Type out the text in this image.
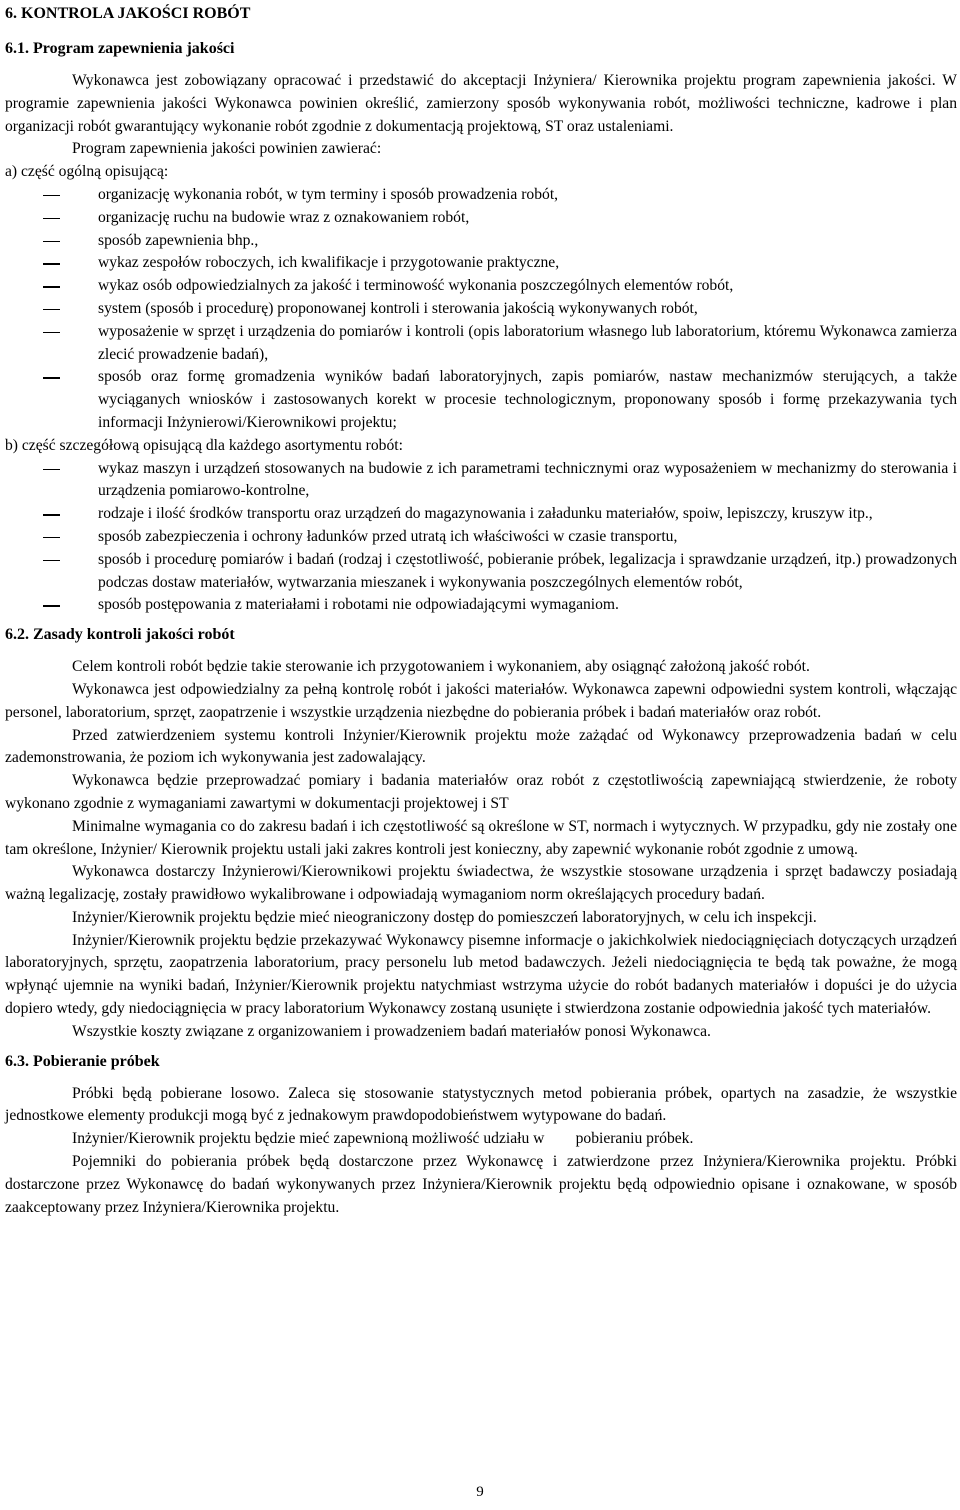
6. KONTROLA JAKOŚCI ROBÓT
6.1. Program zapewnienia jakości

Wykonawca jest zobowiązany opracować i przedstawić do akceptacji Inżyniera/ Kierownika projektu program zapewnienia jakości. W programie zapewnienia jakości Wykonawca powinien określić, zamierzony sposób wykonywania robót, możliwości techniczne, kadrowe i plan organizacji robót gwarantujący wykonanie robót zgodnie z dokumentacją projektową, ST oraz ustaleniami.

Program zapewnienia jakości powinien zawierać:

a) część ogólną opisującą:

organizację wykonania robót, w tym terminy i sposób prowadzenia robót,
organizację ruchu na budowie wraz z oznakowaniem robót,
sposób zapewnienia bhp.,
wykaz zespołów roboczych, ich kwalifikacje i przygotowanie praktyczne,
wykaz osób odpowiedzialnych za jakość i terminowość wykonania poszczególnych elementów robót,
system (sposób i procedurę) proponowanej kontroli i sterowania jakością wykonywanych robót,
wyposażenie w sprzęt i urządzenia do pomiarów i kontroli (opis laboratorium własnego lub laboratorium, któremu Wykonawca zamierza zlecić prowadzenie badań),
sposób oraz formę gromadzenia wyników badań laboratoryjnych, zapis pomiarów, nastaw mechanizmów sterujących, a także wyciąganych wniosków i zastosowanych korekt w procesie technologicznym, proponowany sposób i formę przekazywania tych informacji Inżynierowi/Kierownikowi projektu;

b) część szczegółową opisującą dla każdego asortymentu robót:

wykaz maszyn i urządzeń stosowanych na budowie z ich parametrami technicznymi oraz wyposażeniem w mechanizmy do sterowania i urządzenia pomiarowo-kontrolne,
rodzaje i ilość środków transportu oraz urządzeń do magazynowania i załadunku materiałów, spoiw, lepiszczy, kruszyw itp.,
sposób zabezpieczenia i ochrony ładunków przed utratą ich właściwości w czasie transportu,
sposób i procedurę pomiarów i badań (rodzaj i częstotliwość, pobieranie próbek, legalizacja i sprawdzanie urządzeń, itp.) prowadzonych podczas dostaw materiałów, wytwarzania mieszanek i wykonywania poszczególnych elementów robót,
sposób postępowania z materiałami i robotami nie odpowiadającymi wymaganiom.
6.2. Zasady kontroli jakości robót

Celem kontroli robót będzie takie sterowanie ich przygotowaniem i wykonaniem, aby osiągnąć założoną jakość robót.

Wykonawca jest odpowiedzialny za pełną kontrolę robót i jakości materiałów. Wykonawca zapewni odpowiedni system kontroli, włączając personel, laboratorium, sprzęt, zaopatrzenie i wszystkie urządzenia niezbędne do pobierania próbek i badań materiałów oraz robót.

Przed zatwierdzeniem systemu kontroli Inżynier/Kierownik projektu może zażądać od Wykonawcy przeprowadzenia badań w celu zademonstrowania, że poziom ich wykonywania jest zadowalający.

Wykonawca będzie przeprowadzać pomiary i badania materiałów oraz robót z częstotliwością zapewniającą stwierdzenie, że roboty wykonano zgodnie z wymaganiami zawartymi w dokumentacji projektowej i ST

Minimalne wymagania co do zakresu badań i ich częstotliwość są określone w ST, normach i wytycznych. W przypadku, gdy nie zostały one tam określone, Inżynier/ Kierownik projektu ustali jaki zakres kontroli jest konieczny, aby zapewnić wykonanie robót zgodnie z umową.

Wykonawca dostarczy Inżynierowi/Kierownikowi projektu świadectwa, że wszystkie stosowane urządzenia i sprzęt badawczy posiadają ważną legalizację, zostały prawidłowo wykalibrowane i odpowiadają wymaganiom norm określających procedury badań.

Inżynier/Kierownik projektu będzie mieć nieograniczony dostęp do pomieszczeń laboratoryjnych, w celu ich inspekcji.

Inżynier/Kierownik projektu będzie przekazywać Wykonawcy pisemne informacje o jakichkolwiek niedociągnięciach dotyczących urządzeń laboratoryjnych, sprzętu, zaopatrzenia laboratorium, pracy personelu lub metod badawczych. Jeżeli niedociągnięcia te będą tak poważne, że mogą wpłynąć ujemnie na wyniki badań, Inżynier/Kierownik projektu natychmiast wstrzyma użycie do robót badanych materiałów i dopuści je do użycia dopiero wtedy, gdy niedociągnięcia w pracy laboratorium Wykonawcy zostaną usunięte i stwierdzona zostanie odpowiednia jakość tych materiałów.

Wszystkie koszty związane z organizowaniem i prowadzeniem badań materiałów ponosi Wykonawca.

6.3. Pobieranie próbek

Próbki będą pobierane losowo. Zaleca się stosowanie statystycznych metod pobierania próbek, opartych na zasadzie, że wszystkie jednostkowe elementy produkcji mogą być z jednakowym prawdopodobieństwem wytypowane do badań.

Inżynier/Kierownik projektu będzie mieć zapewnioną możliwość udziału w        pobieraniu próbek.

Pojemniki do pobierania próbek będą dostarczone przez Wykonawcę i zatwierdzone przez Inżyniera/Kierownika projektu. Próbki dostarczone przez Wykonawcę do badań wykonywanych przez Inżyniera/Kierownik projektu będą odpowiednio opisane i oznakowane, w sposób zaakceptowany przez Inżyniera/Kierownika projektu.

9
